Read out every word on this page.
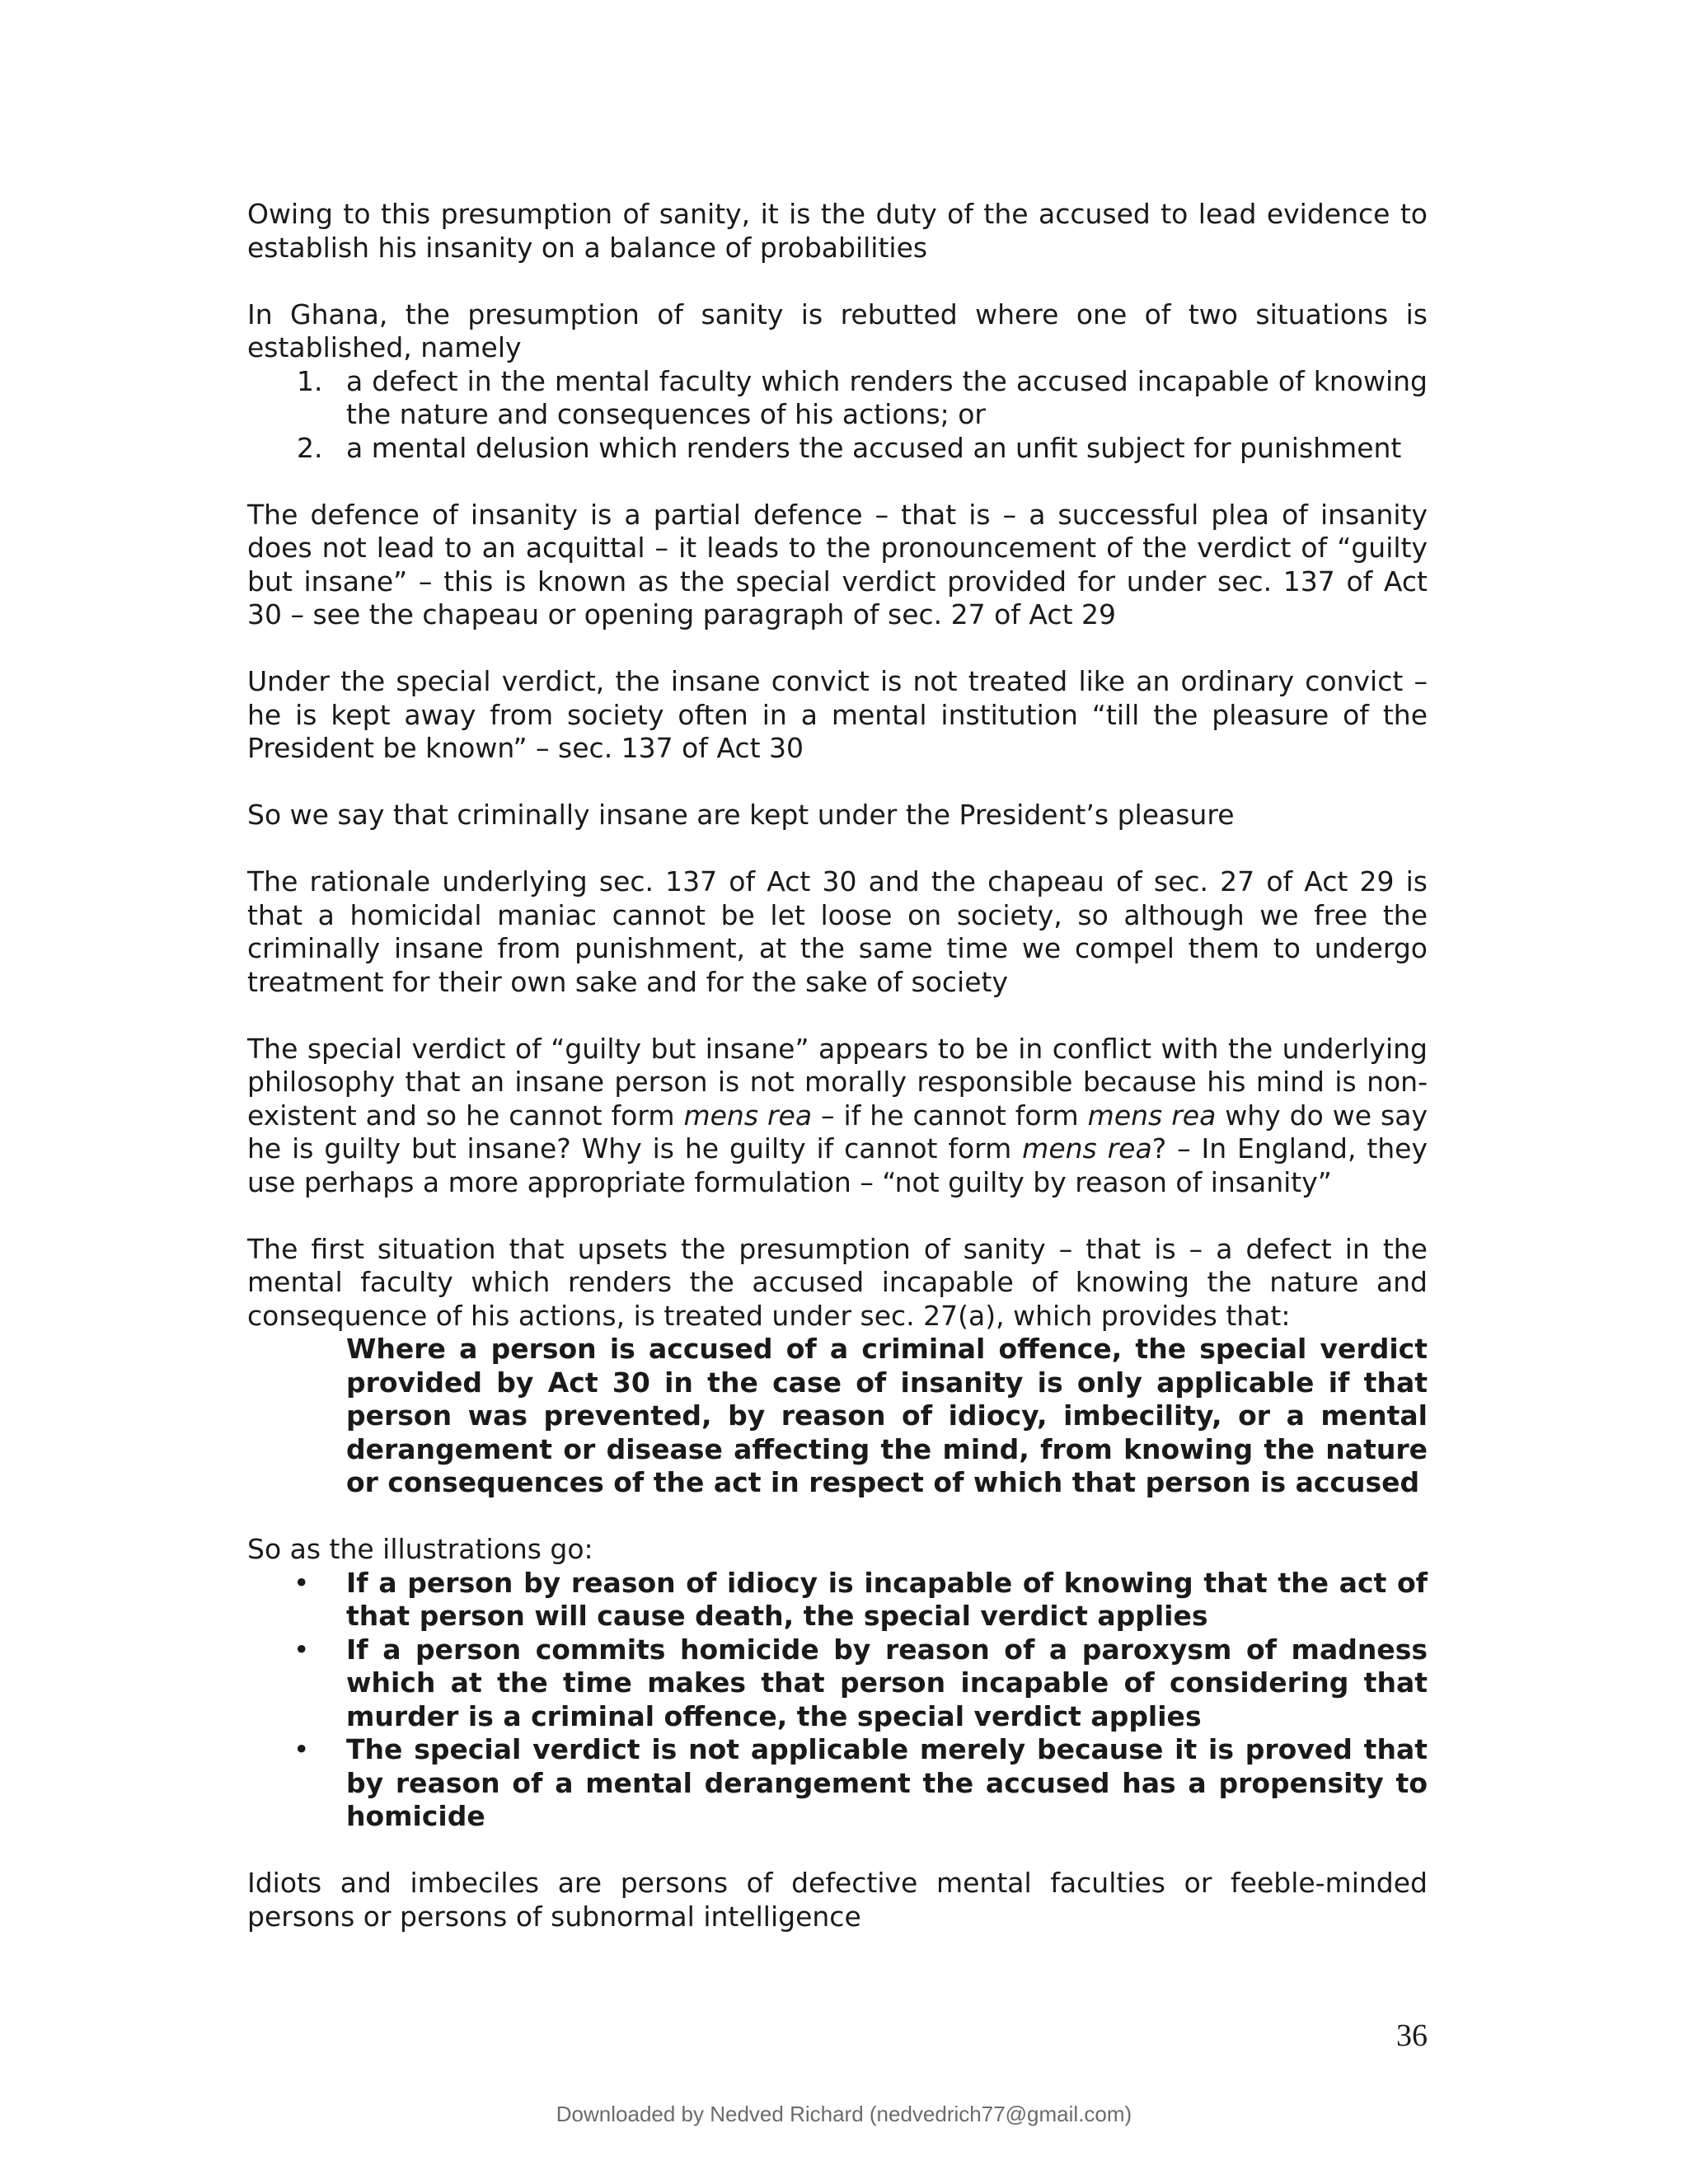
Owing to this presumption of sanity, it is the duty of the accused to lead evidence to establish his insanity on a balance of probabilities

In Ghana, the presumption of sanity is rebutted where one of two situations is established, namely

1. a defect in the mental faculty which renders the accused incapable of knowing the nature and consequences of his actions; or
2. a mental delusion which renders the accused an unfit subject for punishment

The defence of insanity is a partial defence – that is – a successful plea of insanity does not lead to an acquittal – it leads to the pronouncement of the verdict of “guilty but insane” – this is known as the special verdict provided for under sec. 137 of Act 30 – see the chapeau or opening paragraph of sec. 27 of Act 29

Under the special verdict, the insane convict is not treated like an ordinary convict – he is kept away from society often in a mental institution “till the pleasure of the President be known” – sec. 137 of Act 30

So we say that criminally insane are kept under the President’s pleasure

The rationale underlying sec. 137 of Act 30 and the chapeau of sec. 27 of Act 29 is that a homicidal maniac cannot be let loose on society, so although we free the criminally insane from punishment, at the same time we compel them to undergo treatment for their own sake and for the sake of society

The special verdict of “guilty but insane” appears to be in conflict with the underlying philosophy that an insane person is not morally responsible because his mind is non-existent and so he cannot form mens rea – if he cannot form mens rea why do we say he is guilty but insane? Why is he guilty if cannot form mens rea? – In England, they use perhaps a more appropriate formulation – “not guilty by reason of insanity”

The first situation that upsets the presumption of sanity – that is – a defect in the mental faculty which renders the accused incapable of knowing the nature and consequence of his actions, is treated under sec. 27(a), which provides that:

Where a person is accused of a criminal offence, the special verdict provided by Act 30 in the case of insanity is only applicable if that person was prevented, by reason of idiocy, imbecility, or a mental derangement or disease affecting the mind, from knowing the nature or consequences of the act in respect of which that person is accused

So as the illustrations go:

• If a person by reason of idiocy is incapable of knowing that the act of that person will cause death, the special verdict applies
• If a person commits homicide by reason of a paroxysm of madness which at the time makes that person incapable of considering that murder is a criminal offence, the special verdict applies
• The special verdict is not applicable merely because it is proved that by reason of a mental derangement the accused has a propensity to homicide

Idiots and imbeciles are persons of defective mental faculties or feeble-minded persons or persons of subnormal intelligence

36
Downloaded by Nedved Richard (nedvedrich77@gmail.com)
